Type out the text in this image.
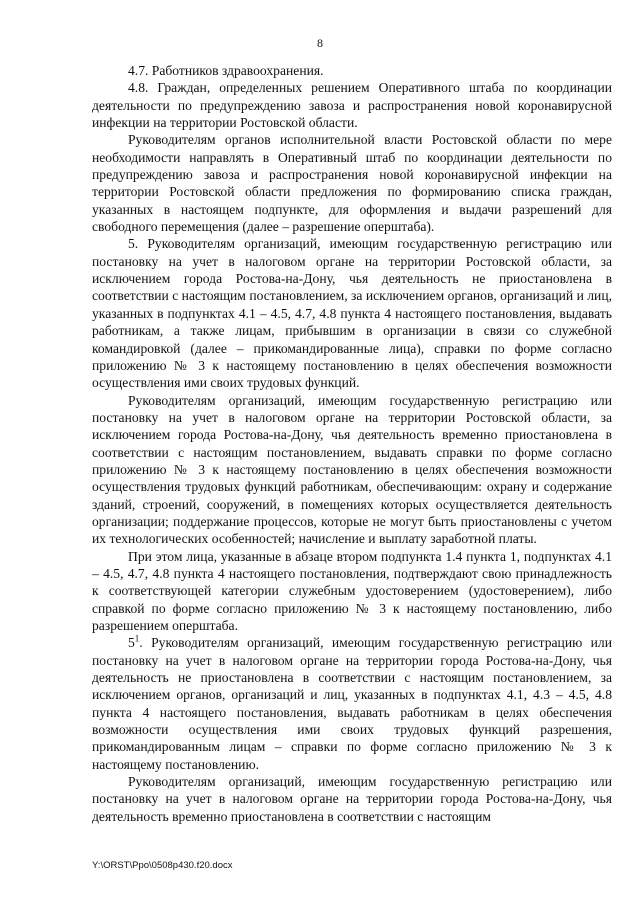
8

4.7. Работников здравоохранения.

4.8. Граждан, определенных решением Оперативного штаба по координации деятельности по предупреждению завоза и распространения новой коронавирусной инфекции на территории Ростовской области.

Руководителям органов исполнительной власти Ростовской области по мере необходимости направлять в Оперативный штаб по координации деятельности по предупреждению завоза и распространения новой коронавирусной инфекции на территории Ростовской области предложения по формированию списка граждан, указанных в настоящем подпункте, для оформления и выдачи разрешений для свободного перемещения (далее – разрешение оперштаба).

5. Руководителям организаций, имеющим государственную регистрацию или постановку на учет в налоговом органе на территории Ростовской области, за исключением города Ростова-на-Дону, чья деятельность не приостановлена в соответствии с настоящим постановлением, за исключением органов, организаций и лиц, указанных в подпунктах 4.1 – 4.5, 4.7, 4.8 пункта 4 настоящего постановления, выдавать работникам, а также лицам, прибывшим в организации в связи со служебной командировкой (далее – прикомандированные лица), справки по форме согласно приложению № 3 к настоящему постановлению в целях обеспечения возможности осуществления ими своих трудовых функций.

Руководителям организаций, имеющим государственную регистрацию или постановку на учет в налоговом органе на территории Ростовской области, за исключением города Ростова-на-Дону, чья деятельность временно приостановлена в соответствии с настоящим постановлением, выдавать справки по форме согласно приложению № 3 к настоящему постановлению в целях обеспечения возможности осуществления трудовых функций работникам, обеспечивающим: охрану и содержание зданий, строений, сооружений, в помещениях которых осуществляется деятельность организации; поддержание процессов, которые не могут быть приостановлены с учетом их технологических особенностей; начисление и выплату заработной платы.

При этом лица, указанные в абзаце втором подпункта 1.4 пункта 1, подпунктах 4.1 – 4.5, 4.7, 4.8 пункта 4 настоящего постановления, подтверждают свою принадлежность к соответствующей категории служебным удостоверением (удостоверением), либо справкой по форме согласно приложению № 3 к настоящему постановлению, либо разрешением оперштаба.

$5^1$. Руководителям организаций, имеющим государственную регистрацию или постановку на учет в налоговом органе на территории города Ростова-на-Дону, чья деятельность не приостановлена в соответствии с настоящим постановлением, за исключением органов, организаций и лиц, указанных в подпунктах 4.1, 4.3 – 4.5, 4.8 пункта 4 настоящего постановления, выдавать работникам в целях обеспечения возможности осуществления ими своих трудовых функций разрешения, прикомандированным лицам – справки по форме согласно приложению № 3 к настоящему постановлению.

Руководителям организаций, имеющим государственную регистрацию или постановку на учет в налоговом органе на территории города Ростова-на-Дону, чья деятельность временно приостановлена в соответствии с настоящим

Y:\ORST\Ppo\0508p430.f20.docx
